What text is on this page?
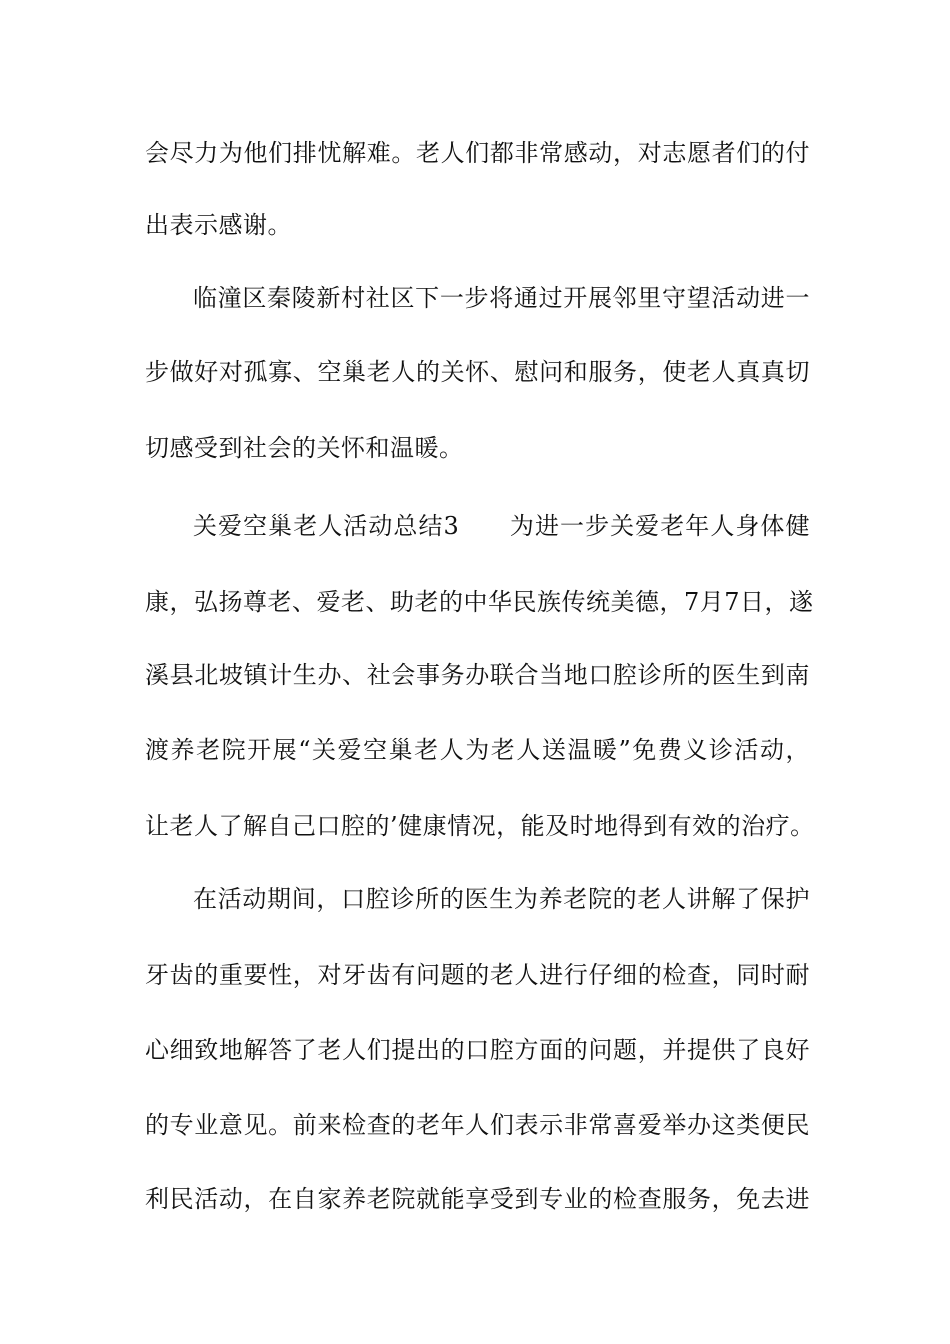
会尽力为他们排忧解难。老人们都非常感动，对志愿者们的付
出表示感谢。
临潼区秦陵新村社区下一步将通过开展邻里守望活动进一
步做好对孤寡、空巢老人的关怀、慰问和服务，使老人真真切
切感受到社会的关怀和温暖。
关爱空巢老人活动总结3　　为进一步关爱老年人身体健
康，弘扬尊老、爱老、助老的中华民族传统美德，7月7日，遂
溪县北坡镇计生办、社会事务办联合当地口腔诊所的医生到南
渡养老院开展“关爱空巢老人为老人送温暖”免费义诊活动，
让老人了解自己口腔的’健康情况，能及时地得到有效的治疗。
在活动期间，口腔诊所的医生为养老院的老人讲解了保护
牙齿的重要性，对牙齿有问题的老人进行仔细的检查，同时耐
心细致地解答了老人们提出的口腔方面的问题，并提供了良好
的专业意见。前来检查的老年人们表示非常喜爱举办这类便民
利民活动，在自家养老院就能享受到专业的检查服务，免去进
